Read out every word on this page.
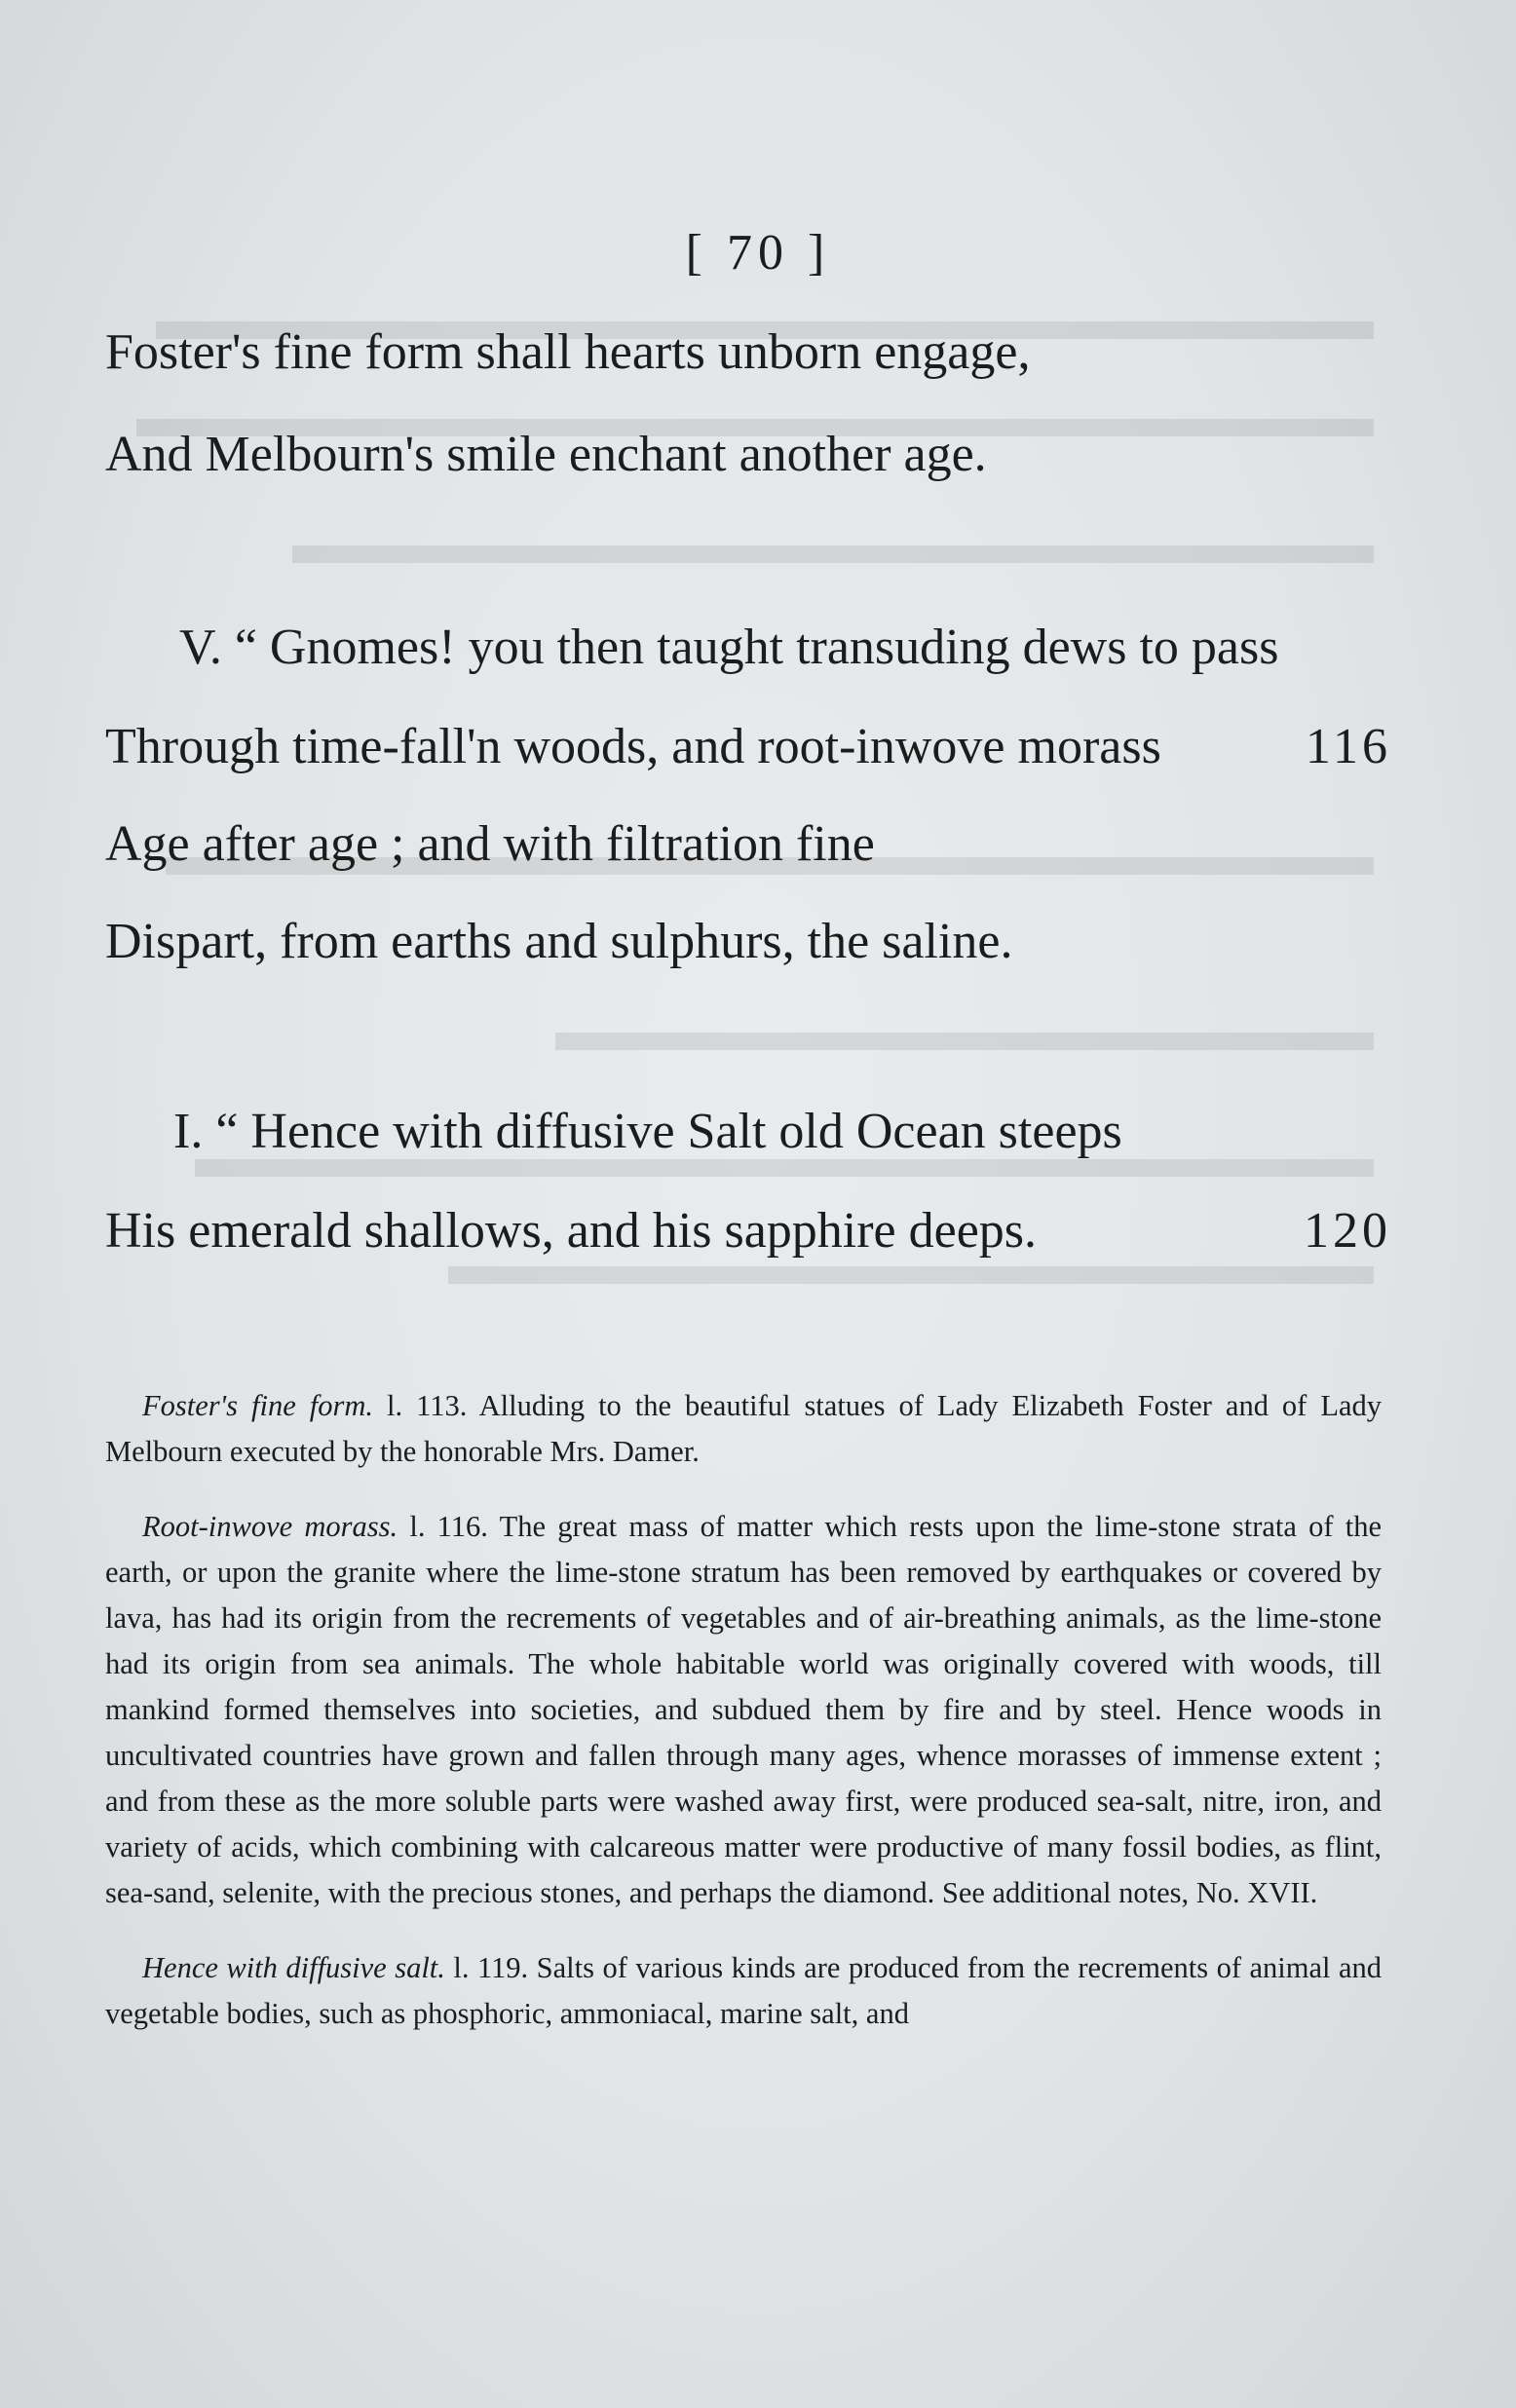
[ 70 ]
Foster's fine form shall hearts unborn engage,
And Melbourn's smile enchant another age.
V. “ Gnomes! you then taught transuding dews to pass
Through time-fall'n woods, and root-inwove morass	116
Age after age ; and with filtration fine
Dispart, from earths and sulphurs, the saline.
I. “ Hence with diffusive Salt old Ocean steeps
His emerald shallows, and his sapphire deeps.	120

Foster's fine form. l. 113. Alluding to the beautiful statues of Lady Elizabeth Foster and of Lady Melbourn executed by the honorable Mrs. Damer.

Root-inwove morass. l. 116. The great mass of matter which rests upon the lime-stone strata of the earth, or upon the granite where the lime-stone stratum has been removed by earthquakes or covered by lava, has had its origin from the recrements of vegetables and of air-breathing animals, as the lime-stone had its origin from sea animals. The whole habitable world was originally covered with woods, till mankind formed themselves into societies, and subdued them by fire and by steel. Hence woods in uncultivated countries have grown and fallen through many ages, whence morasses of immense extent ; and from these as the more soluble parts were washed away first, were produced sea-salt, nitre, iron, and variety of acids, which combining with calcareous matter were productive of many fossil bodies, as flint, sea-sand, selenite, with the precious stones, and perhaps the diamond. See additional notes, No. XVII.

Hence with diffusive salt. l. 119. Salts of various kinds are produced from the recrements of animal and vegetable bodies, such as phosphoric, ammoniacal, marine salt, and
